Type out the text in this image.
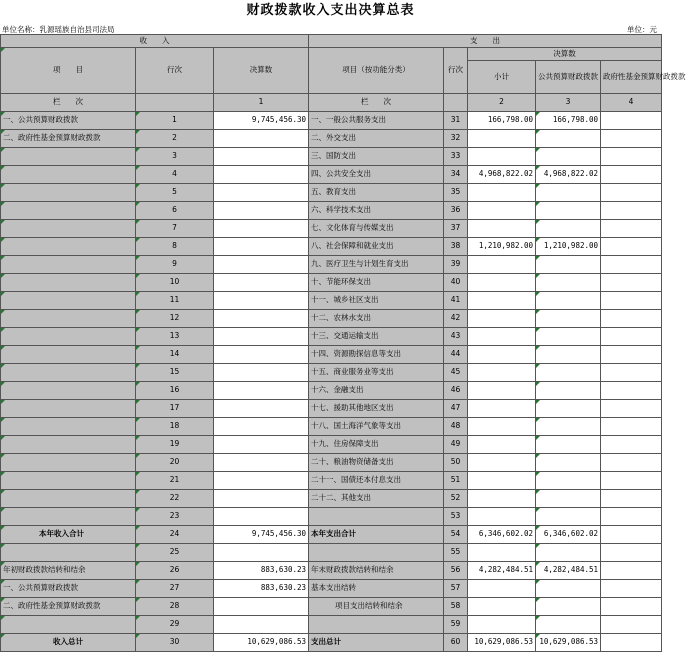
财政拨款收入支出决算总表
单位名称：乳源瑶族自治县司法局	单位：元
收　　入			支　　出				
项　　目	行次	决算数	项目（按功能分类）	行次	决算数		
					小计	公共预算财政拨款	政府性基金预算财政拨款
栏　　次		1	栏　　次		2	3	4
一、公共预算财政拨款	1	9,745,456.30	一、一般公共服务支出	31	166,798.00	166,798.00	
二、政府性基金预算财政拨款	2		二、外交支出	32			
	3		三、国防支出	33			
	4		四、公共安全支出	34	4,968,822.02	4,968,822.02	
	5		五、教育支出	35			
	6		六、科学技术支出	36			
	7		七、文化体育与传媒支出	37			
	8		八、社会保障和就业支出	38	1,210,982.00	1,210,982.00	
	9		九、医疗卫生与计划生育支出	39			
	10		十、节能环保支出	40			
	11		十一、城乡社区支出	41			
	12		十二、农林水支出	42			
	13		十三、交通运输支出	43			
	14		十四、资源勘探信息等支出	44			
	15		十五、商业服务业等支出	45			
	16		十六、金融支出	46			
	17		十七、援助其他地区支出	47			
	18		十八、国土海洋气象等支出	48			
	19		十九、住房保障支出	49			
	20		二十、粮油物资储备支出	50			
	21		二十一、国债还本付息支出	51			
	22		二十二、其他支出	52			
	23			53			
本年收入合计	24	9,745,456.30	本年支出合计	54	6,346,602.02	6,346,602.02	
	25			55			
年初财政拨款结转和结余	26	883,630.23	年末财政拨款结转和结余	56	4,282,484.51	4,282,484.51	
一、公共预算财政拨款	27	883,630.23	基本支出结转	57			
二、政府性基金预算财政拨款	28		项目支出结转和结余	58			
	29			59			
收入总计	30	10,629,086.53	支出总计	60	10,629,086.53	10,629,086.53	
